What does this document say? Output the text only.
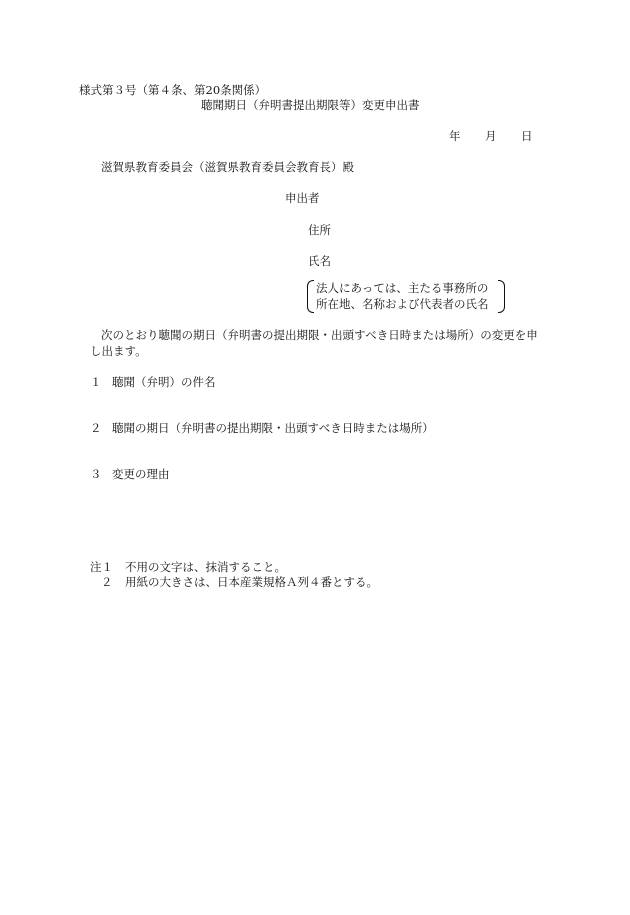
様式第３号（第４条、第20条関係）
聴聞期日（弁明書提出期限等）変更申出書
年 月 日
滋賀県教育委員会（滋賀県教育委員会教育長）殿
申出者
住所
氏名
法人にあっては、主たる事務所の
所在地、名称および代表者の氏名
次のとおり聴聞の期日（弁明書の提出期限・出頭すべき日時または場所）の変更を申
し出ます。
１ 聴聞（弁明）の件名
２ 聴聞の期日（弁明書の提出期限・出頭すべき日時または場所）
３ 変更の理由
注１ 不用の文字は、抹消すること。
２ 用紙の大きさは、日本産業規格Ａ列４番とする。
